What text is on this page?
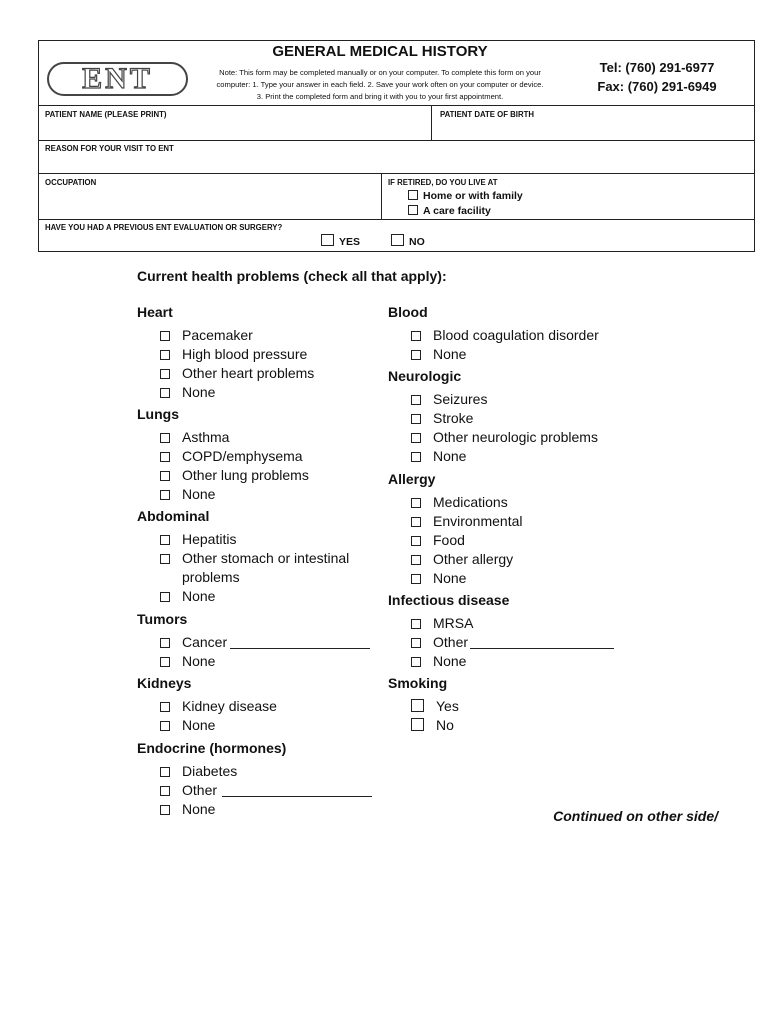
ENT
GENERAL MEDICAL HISTORY
Note: This form may be completed manually or on your computer. To complete this form on your
computer: 1. Type your answer in each field. 2. Save your work often on your computer or device.
3. Print the completed form and bring it with you to your first appointment.
Tel: (760) 291-6977
Fax: (760) 291-6949
PATIENT NAME (PLEASE PRINT)	PATIENT DATE OF BIRTH
REASON FOR YOUR VISIT TO ENT
OCCUPATION	IF RETIRED, DO YOU LIVE AT
Home or with family
A care facility
HAVE YOU HAD A PREVIOUS ENT EVALUATION OR SURGERY?
YES	NO
Current health problems (check all that apply):
Heart
Pacemaker
High blood pressure
Other heart problems
None
Lungs
Asthma
COPD/emphysema
Other lung problems
None
Abdominal
Hepatitis
Other stomach or intestinal
problems
None
Tumors
Cancer
None
Kidneys
Kidney disease
None
Endocrine (hormones)
Diabetes
Other
None
Blood
Blood coagulation disorder
None
Neurologic
Seizures
Stroke
Other neurologic problems
None
Allergy
Medications
Environmental
Food
Other allergy
None
Infectious disease
MRSA
Other
None
Smoking
Yes
No
Continued on other side/
